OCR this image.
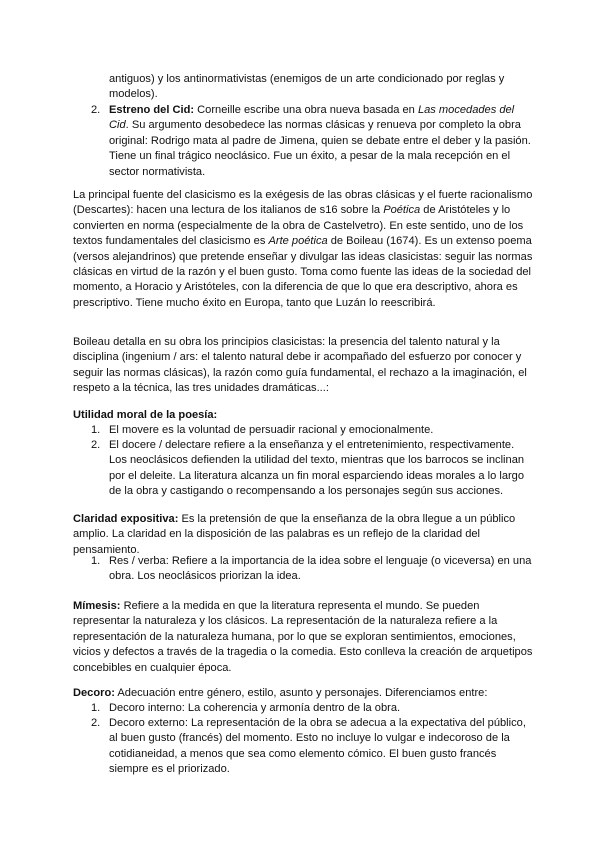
antiguos) y los antinormativistas (enemigos de un arte condicionado por reglas y modelos).
2. Estreno del Cid: Corneille escribe una obra nueva basada en Las mocedades del Cid. Su argumento desobedece las normas clásicas y renueva por completo la obra original: Rodrigo mata al padre de Jimena, quien se debate entre el deber y la pasión. Tiene un final trágico neoclásico. Fue un éxito, a pesar de la mala recepción en el sector normativista.

La principal fuente del clasicismo es la exégesis de las obras clásicas y el fuerte racionalismo (Descartes): hacen una lectura de los italianos de s16 sobre la Poética de Aristóteles y lo convierten en norma (especialmente de la obra de Castelvetro). En este sentido, uno de los textos fundamentales del clasicismo es Arte poética de Boileau (1674). Es un extenso poema (versos alejandrinos) que pretende enseñar y divulgar las ideas clasicistas: seguir las normas clásicas en virtud de la razón y el buen gusto. Toma como fuente las ideas de la sociedad del momento, a Horacio y Aristóteles, con la diferencia de que lo que era descriptivo, ahora es prescriptivo. Tiene mucho éxito en Europa, tanto que Luzán lo reescribirá.

Boileau detalla en su obra los principios clasicistas: la presencia del talento natural y la disciplina (ingenium / ars: el talento natural debe ir acompañado del esfuerzo por conocer y seguir las normas clásicas), la razón como guía fundamental, el rechazo a la imaginación, el respeto a la técnica, las tres unidades dramáticas...:

Utilidad moral de la poesía:

1. El movere es la voluntad de persuadir racional y emocionalmente.
2. El docere / delectare refiere a la enseñanza y el entretenimiento, respectivamente. Los neoclásicos defienden la utilidad del texto, mientras que los barrocos se inclinan por el deleite. La literatura alcanza un fin moral esparciendo ideas morales a lo largo de la obra y castigando o recompensando a los personajes según sus acciones.

Claridad expositiva: Es la pretensión de que la enseñanza de la obra llegue a un público amplio. La claridad en la disposición de las palabras es un reflejo de la claridad del pensamiento.

1. Res / verba: Refiere a la importancia de la idea sobre el lenguaje (o viceversa) en una obra. Los neoclásicos priorizan la idea.

Mímesis: Refiere a la medida en que la literatura representa el mundo. Se pueden representar la naturaleza y los clásicos. La representación de la naturaleza refiere a la representación de la naturaleza humana, por lo que se exploran sentimientos, emociones, vicios y defectos a través de la tragedia o la comedia. Esto conlleva la creación de arquetipos concebibles en cualquier época.

Decoro: Adecuación entre género, estilo, asunto y personajes. Diferenciamos entre:

1. Decoro interno: La coherencia y armonía dentro de la obra.
2. Decoro externo: La representación de la obra se adecua a la expectativa del público, al buen gusto (francés) del momento. Esto no incluye lo vulgar e indecoroso de la cotidianeidad, a menos que sea como elemento cómico. El buen gusto francés siempre es el priorizado.
